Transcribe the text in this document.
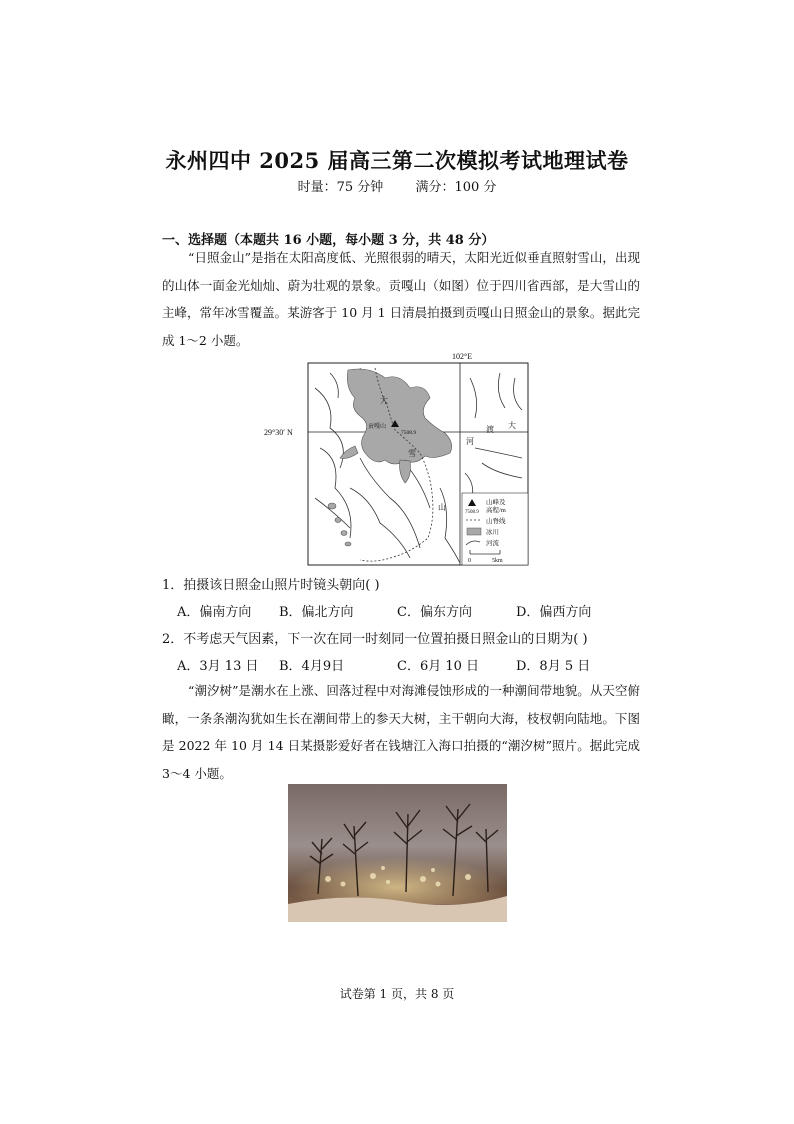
永州四中 2025 届高三第二次模拟考试地理试卷
时量：75 分钟 满分：100 分
一、选择题（本题共 16 小题，每小题 3 分，共 48 分）
“日照金山”是指在太阳高度低、光照很弱的晴天，太阳光近似垂直照射雪山，出现的山体一面金光灿灿、蔚为壮观的景象。贡嘎山（如图）位于四川省西部，是大雪山的主峰，常年冰雪覆盖。某游客于 10 月 1 日清晨拍摄到贡嘎山日照金山的景象。据此完成 1～2 小题。
102°E
29°30′ N
贡嘎山
7508.9
大
雪
山
大
渡
河
7508.9
山峰及
高程/m
山脊线
冰川
河流
0	5km
1．拍摄该日照金山照片时镜头朝向( )
A．偏南方向 B．偏北方向	C．偏东方向	D．偏西方向
2．不考虑天气因素，下一次在同一时刻同一位置拍摄日照金山的日期为( )
A．3月 13 日 B．4月9日	C．6月 10 日	D．8月 5 日
“潮汐树”是潮水在上涨、回落过程中对海滩侵蚀形成的一种潮间带地貌。从天空俯瞰，一条条潮沟犹如生长在潮间带上的参天大树，主干朝向大海，枝杈朝向陆地。下图是 2022 年 10 月 14 日某摄影爱好者在钱塘江入海口拍摄的“潮汐树”照片。据此完成 3～4 小题。
试卷第 1 页，共 8 页
